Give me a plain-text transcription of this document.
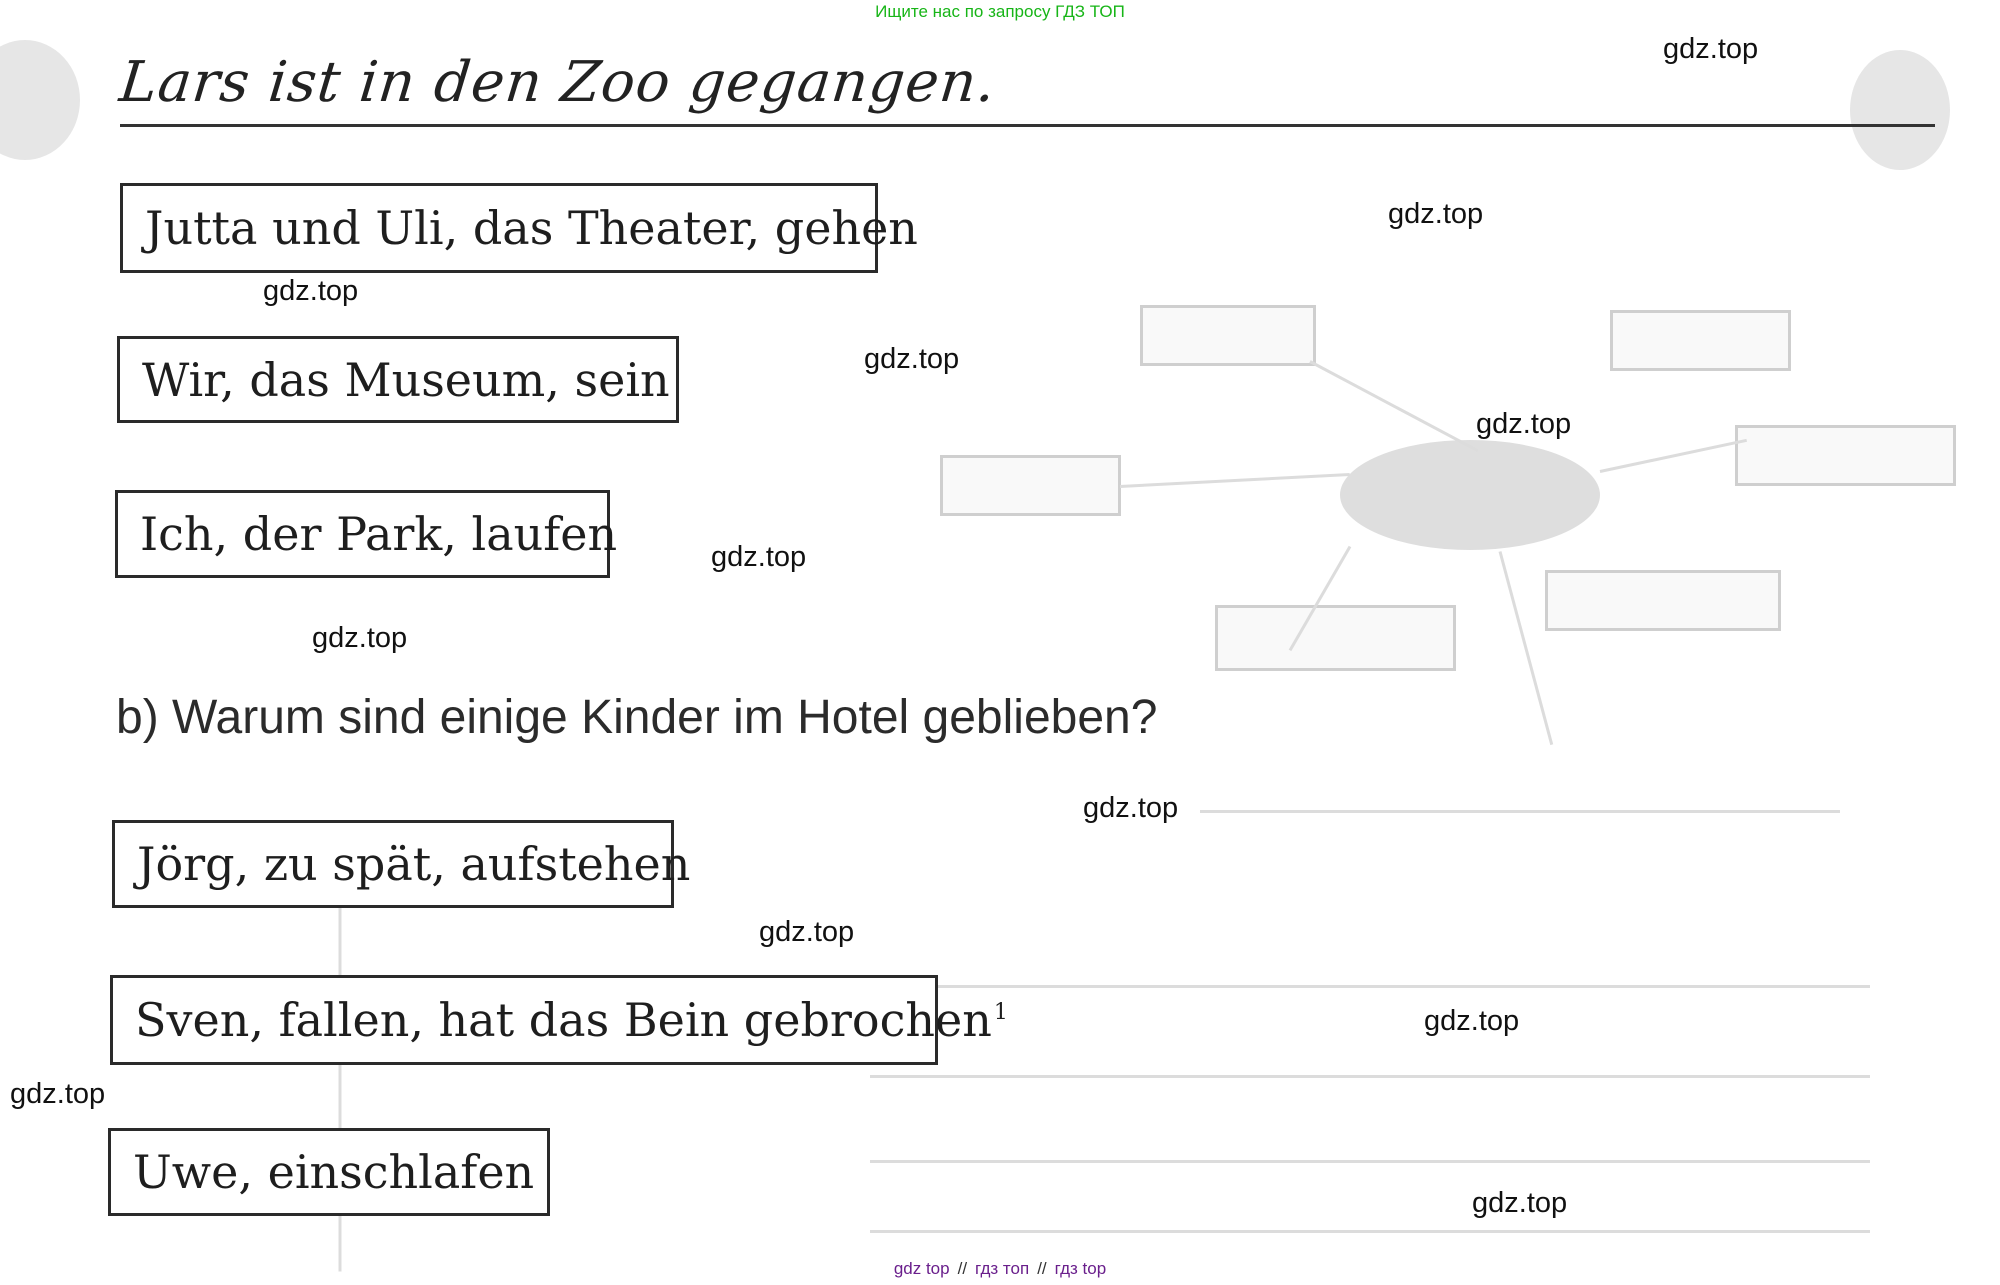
Ищите нас по запросу ГДЗ ТОП
Lars ist in den Zoo gegangen.
Jutta und Uli, das Theater, gehen
Wir, das Museum, sein
Ich, der Park, laufen
b) Warum sind einige Kinder im Hotel geblieben?
Jörg, zu spät, aufstehen
Sven, fallen, hat das Bein gebrochen$^1$
Uwe, einschlafen
gdz.top
gdz.top
gdz.top
gdz.top
gdz.top
gdz.top
gdz.top
gdz.top
gdz.top
gdz.top
gdz.top
gdz.top
gdz top // гдз топ // гдз top
